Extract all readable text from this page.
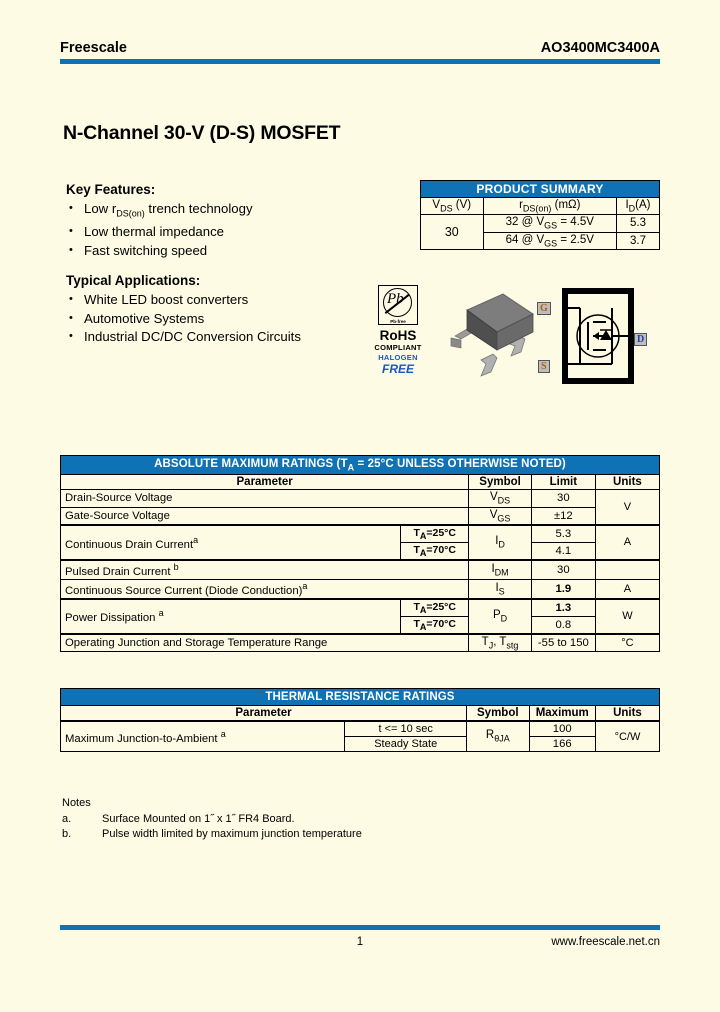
Freescale	AO3400MC3400A
N-Channel 30-V (D-S) MOSFET
Key Features:
• Low $r_{DS(on)}$ trench technology
• Low thermal impedance
• Fast switching speed
Typical Applications:
• White LED boost converters
• Automotive Systems
• Industrial DC/DC Conversion Circuits
PRODUCT SUMMARY		
$V_{DS}$ (V)	$r_{DS(on)}$ (mΩ)	$I_D(A)$
30	32 @ $V_{GS} = 4.5V$	5.3
	64 @ $V_{GS} = 2.5V$	3.7
Pb
Pb-free
RoHS
COMPLIANT
HALOGEN
FREE
G
D
S
ABSOLUTE MAXIMUM RATINGS ($T_A = 25^\circ C$ UNLESS OTHERWISE NOTED)				
Parameter		Symbol	Limit	Units
Drain-Source Voltage		$V_{DS}$	30	V
Gate-Source Voltage		$V_{GS}$	±12	
Continuous Drain Current$^a$	$T_A=25^\circ C$	$I_D$	5.3	A
	$T_A=70^\circ C$		4.1	
Pulsed Drain Current $^b$		$I_{DM}$	30	
Continuous Source Current (Diode Conduction)$^a$		$I_S$	1.9	A
Power Dissipation $^a$	$T_A=25^\circ C$	$P_D$	1.3	W
	$T_A=70^\circ C$		0.8	
Operating Junction and Storage Temperature Range		$T_J$, $T_{stg}$	-55 to 150	°C
THERMAL RESISTANCE RATINGS				
Parameter		Symbol	Maximum	Units
Maximum Junction-to-Ambient $^a$	t <= 10 sec	$R_{\theta JA}$	100	°C/W
	Steady State		166	
Notes
a.	Surface Mounted on 1˝ x 1˝ FR4 Board.
b.	Pulse width limited by maximum junction temperature
1	www.freescale.net.cn
